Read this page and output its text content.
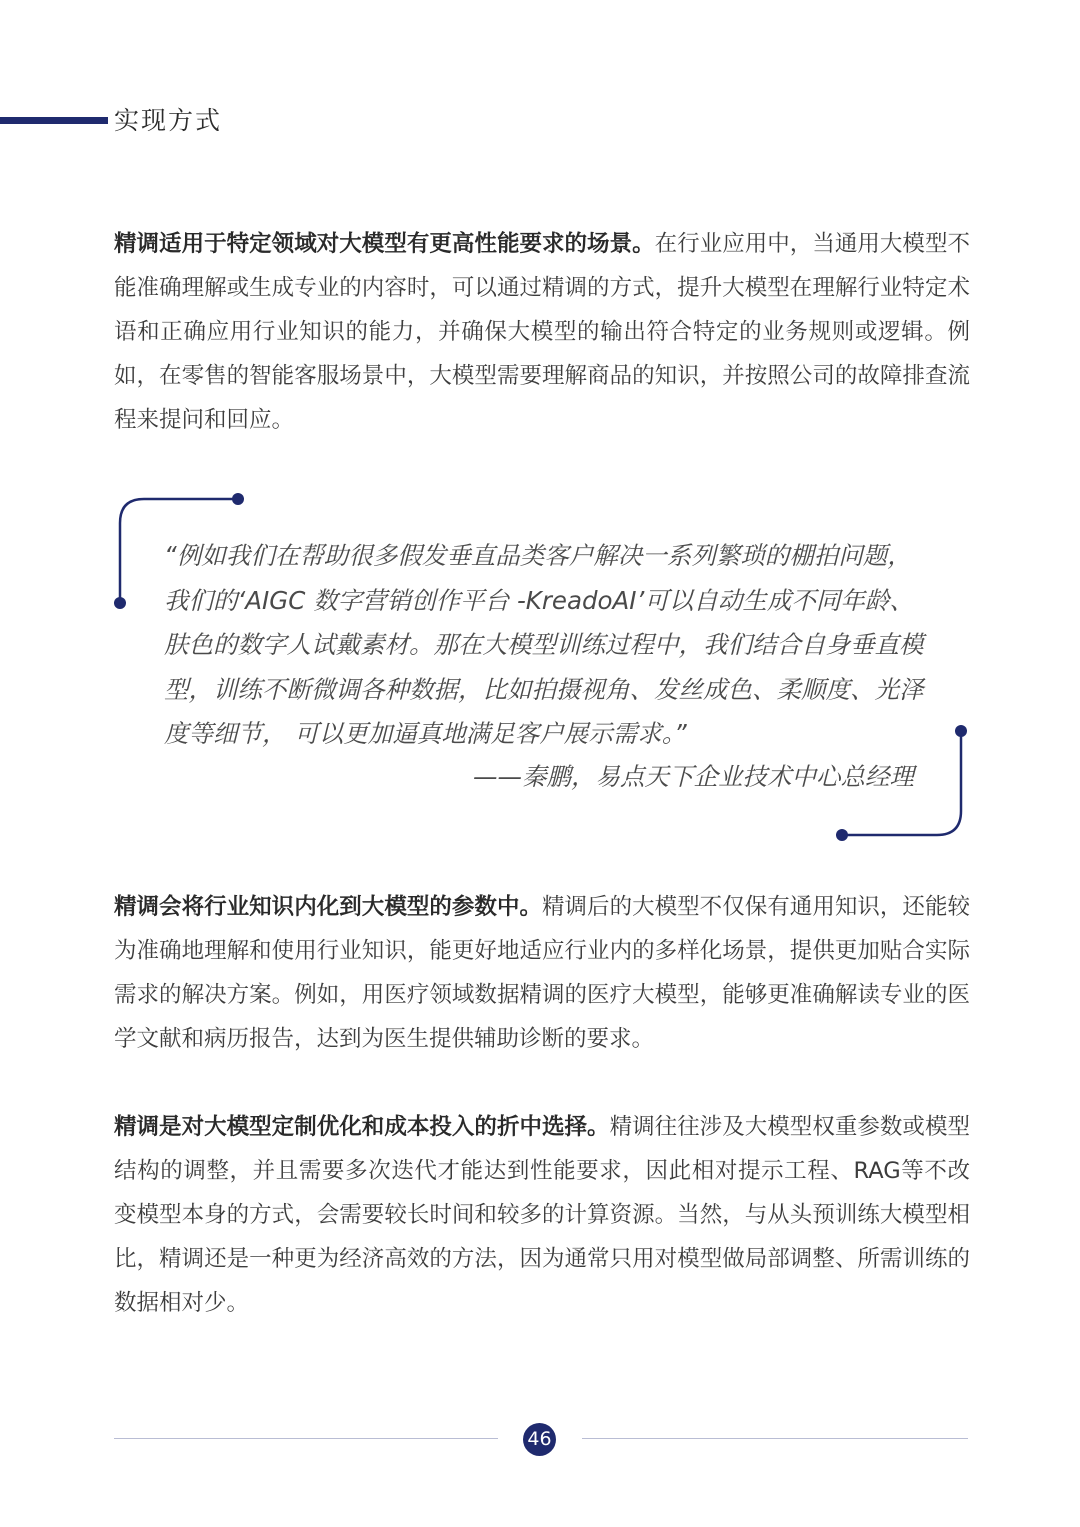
实现方式

精调适用于特定领域对大模型有更高性能要求的场景。在行业应用中，当通用大模型不能准确理解或生成专业的内容时，可以通过精调的方式，提升大模型在理解行业特定术语和正确应用行业知识的能力，并确保大模型的输出符合特定的业务规则或逻辑。例如，在零售的智能客服场景中，大模型需要理解商品的知识，并按照公司的故障排查流程来提问和回应。

“例如我们在帮助很多假发垂直品类客户解决一系列繁琐的棚拍问题， 我们的‘AIGC 数字营销创作平台 -KreadoAI’可以自动生成不同年龄、肤色的数字人试戴素材。那在大模型训练过程中，我们结合自身垂直模型，训练不断微调各种数据，比如拍摄视角、发丝成色、柔顺度、光泽度等细节， 可以更加逼真地满足客户展示需求。”

——秦鹏，易点天下企业技术中心总经理

精调会将行业知识内化到大模型的参数中。精调后的大模型不仅保有通用知识，还能较为准确地理解和使用行业知识，能更好地适应行业内的多样化场景，提供更加贴合实际需求的解决方案。例如，用医疗领域数据精调的医疗大模型，能够更准确解读专业的医学文献和病历报告，达到为医生提供辅助诊断的要求。

精调是对大模型定制优化和成本投入的折中选择。精调往往涉及大模型权重参数或模型结构的调整，并且需要多次迭代才能达到性能要求，因此相对提示工程、RAG等不改变模型本身的方式，会需要较长时间和较多的计算资源。当然，与从头预训练大模型相比，精调还是一种更为经济高效的方法，因为通常只用对模型做局部调整、所需训练的数据相对少。

46
